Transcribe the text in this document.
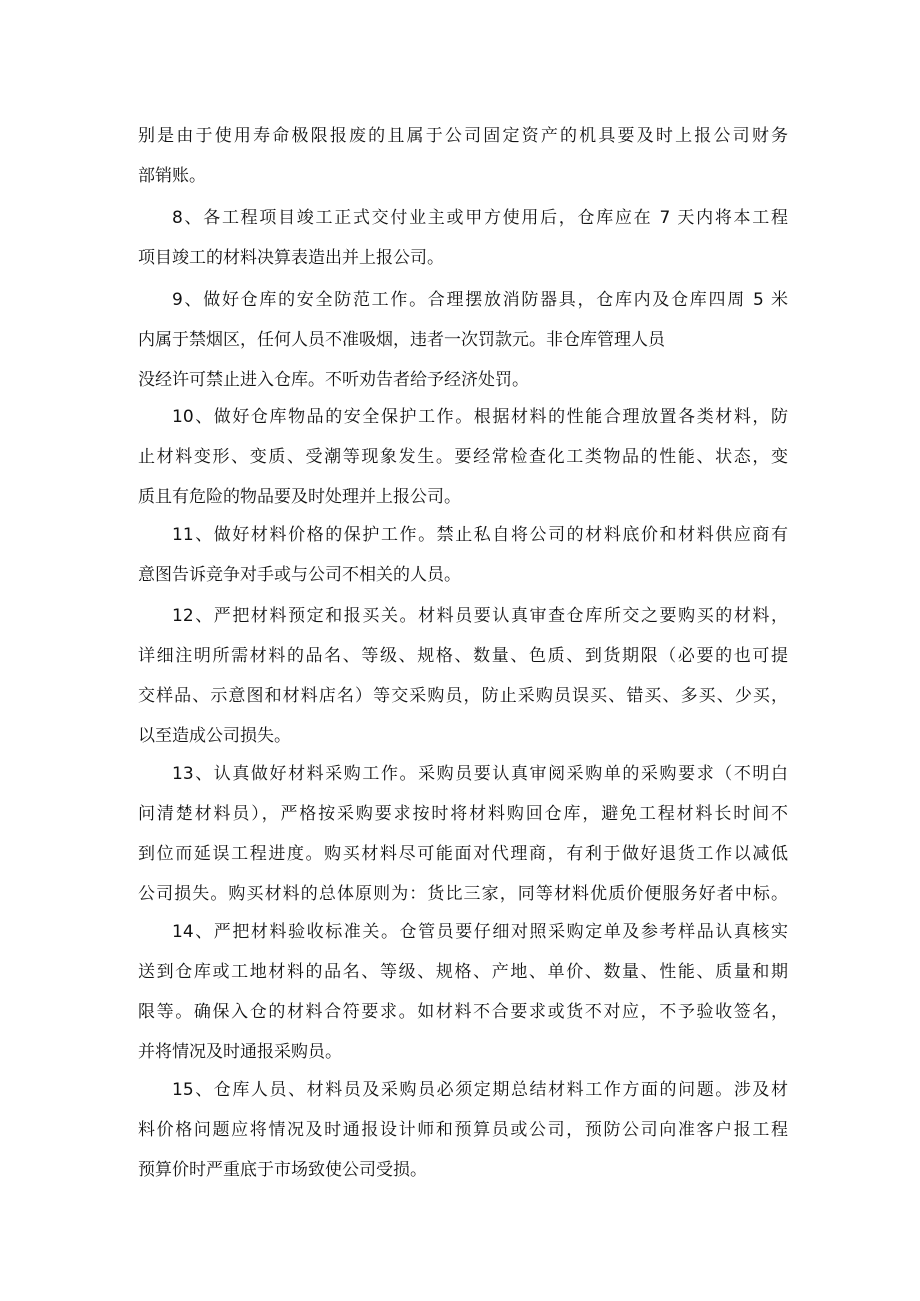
别是由于使用寿命极限报废的且属于公司固定资产的机具要及时上报公司财务
部销账。
8、各工程项目竣工正式交付业主或甲方使用后，仓库应在 7 天内将本工程
项目竣工的材料决算表造出并上报公司。
9、做好仓库的安全防范工作。合理摆放消防器具，仓库内及仓库四周 5 米
内属于禁烟区，任何人员不准吸烟，违者一次罚款元。非仓库管理人员
没经许可禁止进入仓库。不听劝告者给予经济处罚。
10、做好仓库物品的安全保护工作。根据材料的性能合理放置各类材料，防
止材料变形、变质、受潮等现象发生。要经常检查化工类物品的性能、状态，变
质且有危险的物品要及时处理并上报公司。
11、做好材料价格的保护工作。禁止私自将公司的材料底价和材料供应商有
意图告诉竞争对手或与公司不相关的人员。
12、严把材料预定和报买关。材料员要认真审查仓库所交之要购买的材料，
详细注明所需材料的品名、等级、规格、数量、色质、到货期限（必要的也可提
交样品、示意图和材料店名）等交采购员，防止采购员误买、错买、多买、少买，
以至造成公司损失。
13、认真做好材料采购工作。采购员要认真审阅采购单的采购要求（不明白
问清楚材料员），严格按采购要求按时将材料购回仓库，避免工程材料长时间不
到位而延误工程进度。购买材料尽可能面对代理商，有利于做好退货工作以减低
公司损失。购买材料的总体原则为：货比三家，同等材料优质价便服务好者中标。
14、严把材料验收标准关。仓管员要仔细对照采购定单及参考样品认真核实
送到仓库或工地材料的品名、等级、规格、产地、单价、数量、性能、质量和期
限等。确保入仓的材料合符要求。如材料不合要求或货不对应，不予验收签名，
并将情况及时通报采购员。
15、仓库人员、材料员及采购员必须定期总结材料工作方面的问题。涉及材
料价格问题应将情况及时通报设计师和预算员或公司，预防公司向准客户报工程
预算价时严重底于市场致使公司受损。
